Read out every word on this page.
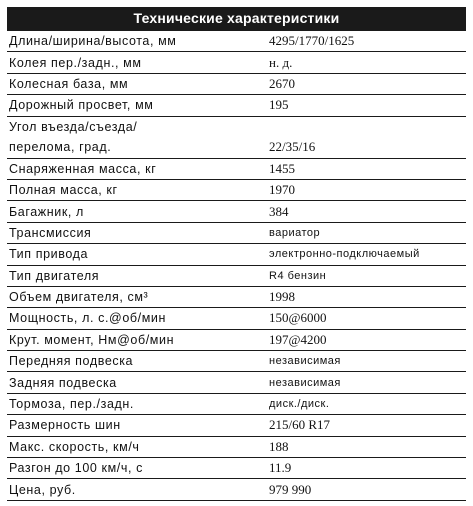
Технические характеристики
Длина/ширина/высота, мм	4295/1770/1625
Колея пер./задн., мм	н. д.
Колесная база, мм	2670
Дорожный просвет, мм	195
Угол въезда/съезда/
перелома, град.	22/35/16
Снаряженная масса, кг	1455
Полная масса, кг	1970
Багажник, л	384
Трансмиссия	вариатор
Тип привода	электронно-подключаемый
Тип двигателя	R4 бензин
Объем двигателя, см³	1998
Мощность, л. с.@об/мин	150@6000
Крут. момент, Нм@об/мин	197@4200
Передняя подвеска	независимая
Задняя подвеска	независимая
Тормоза, пер./задн.	диск./диск.
Размерность шин	215/60 R17
Макс. скорость, км/ч	188
Разгон до 100 км/ч, с	11.9
Цена, руб.	979 990
